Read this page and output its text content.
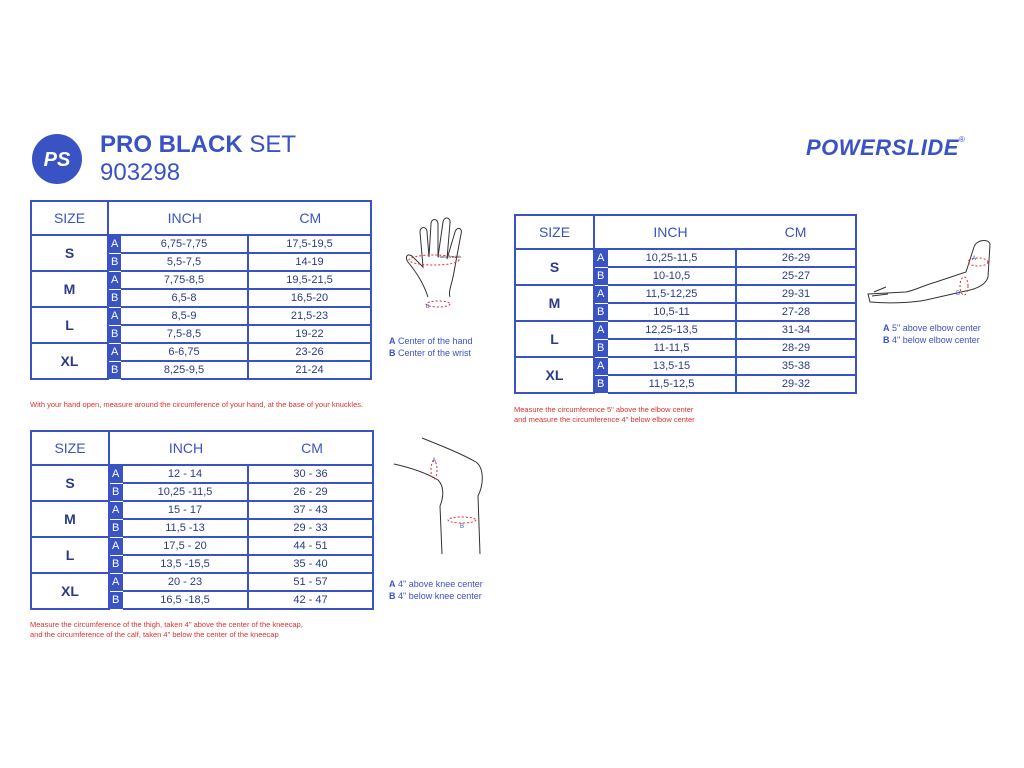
PS
PRO BLACK SET
903298
POWERSLIDE®
SIZE	INCH CM		

S	A	6,75-7,75	17,5-19,5
	B	5,5-7,5	14-19
M	A	7,75-8,5	19,5-21,5
	B	6,5-8	16,5-20
L	A	8,5-9	21,5-23
	B	7,5-8,5	19-22
XL	A	6-6,75	23-26
	B	8,25-9,5	21-24
SIZE	INCH CM		

S	A	10,25-11,5	26-29
	B	10-10,5	25-27
M	A	11,5-12,25	29-31
	B	10,5-11	27-28
L	A	12,25-13,5	31-34
	B	11-11,5	28-29
XL	A	13,5-15	35-38
	B	11,5-12,5	29-32
SIZE	INCH CM		

S	A	12 - 14	30 - 36
	B	10,25 -11,5	26 - 29
M	A	15 - 17	37 - 43
	B	11,5 -13	29 - 33
L	A	17,5 - 20	44 - 51
	B	13,5 -15,5	35 - 40
XL	A	20 - 23	51 - 57
	B	16,5 -18,5	42 - 47
With your hand open, measure around the circumference of your hand, at the base of your knuckles.
Measure the circumference 5" above the elbow center
and measure the circumference 4" below elbow center
Measure the circumference of the thigh, taken 4" above the center of the kneecap,
and the circumference of the calf, taken 4" below the center of the kneecap
Hand A width
B
A Center of the hand
B Center of the wrist
A
B
A 5" above elbow center
B 4" below elbow center
A
B
A 4" above knee center
B 4" below knee center
